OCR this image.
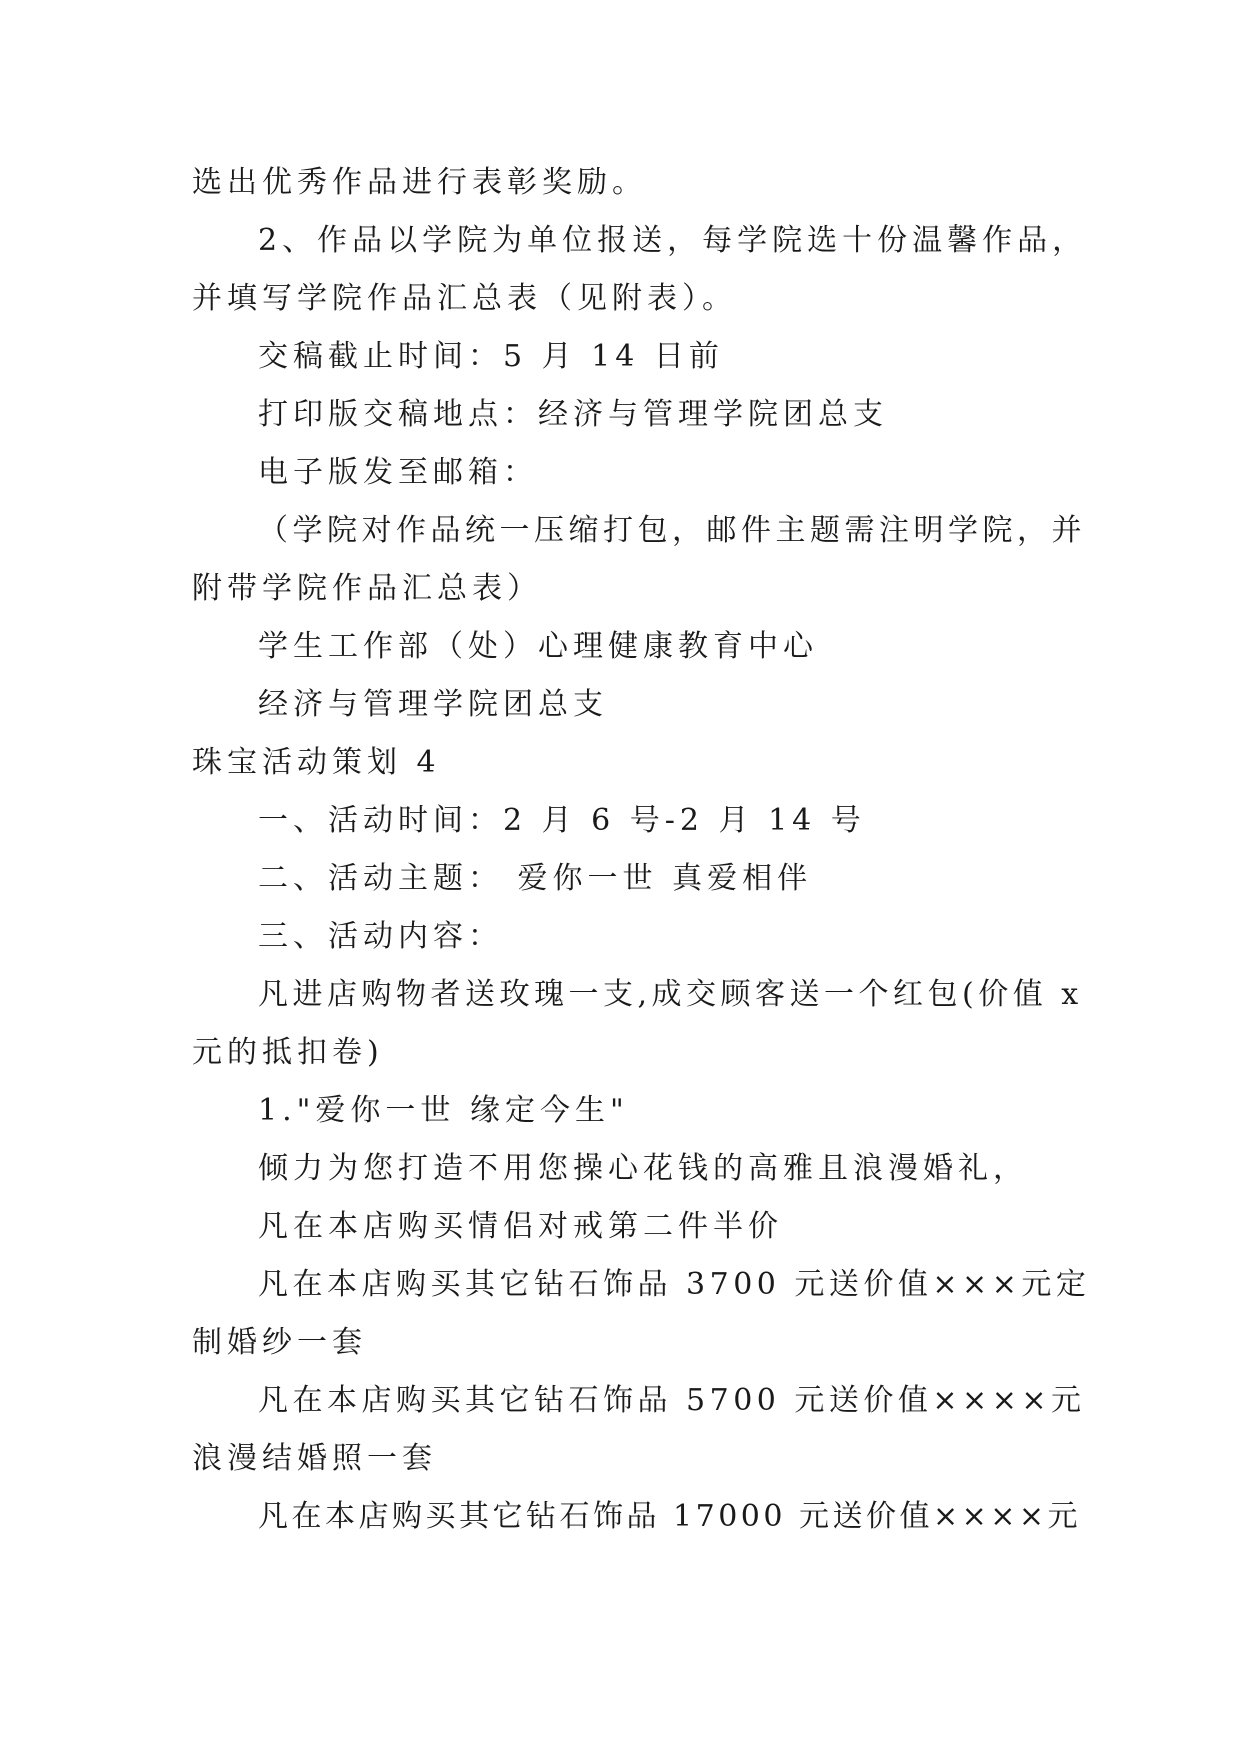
选出优秀作品进行表彰奖励。
2、作品以学院为单位报送，每学院选十份温馨作品，
并填写学院作品汇总表（见附表）。
交稿截止时间：5 月 14 日前
打印版交稿地点：经济与管理学院团总支
电子版发至邮箱：
（学院对作品统一压缩打包，邮件主题需注明学院，并
附带学院作品汇总表）
学生工作部（处）心理健康教育中心
经济与管理学院团总支
珠宝活动策划 4
一、活动时间：2 月 6 号-2 月 14 号
二、活动主题： 爱你一世 真爱相伴
三、活动内容：
凡进店购物者送玫瑰一支,成交顾客送一个红包(价值 x
元的抵扣卷)
1."爱你一世 缘定今生"
倾力为您打造不用您操心花钱的高雅且浪漫婚礼，
凡在本店购买情侣对戒第二件半价
凡在本店购买其它钻石饰品 3700 元送价值×××元定
制婚纱一套
凡在本店购买其它钻石饰品 5700 元送价值××××元
浪漫结婚照一套
凡在本店购买其它钻石饰品 17000 元送价值××××元
